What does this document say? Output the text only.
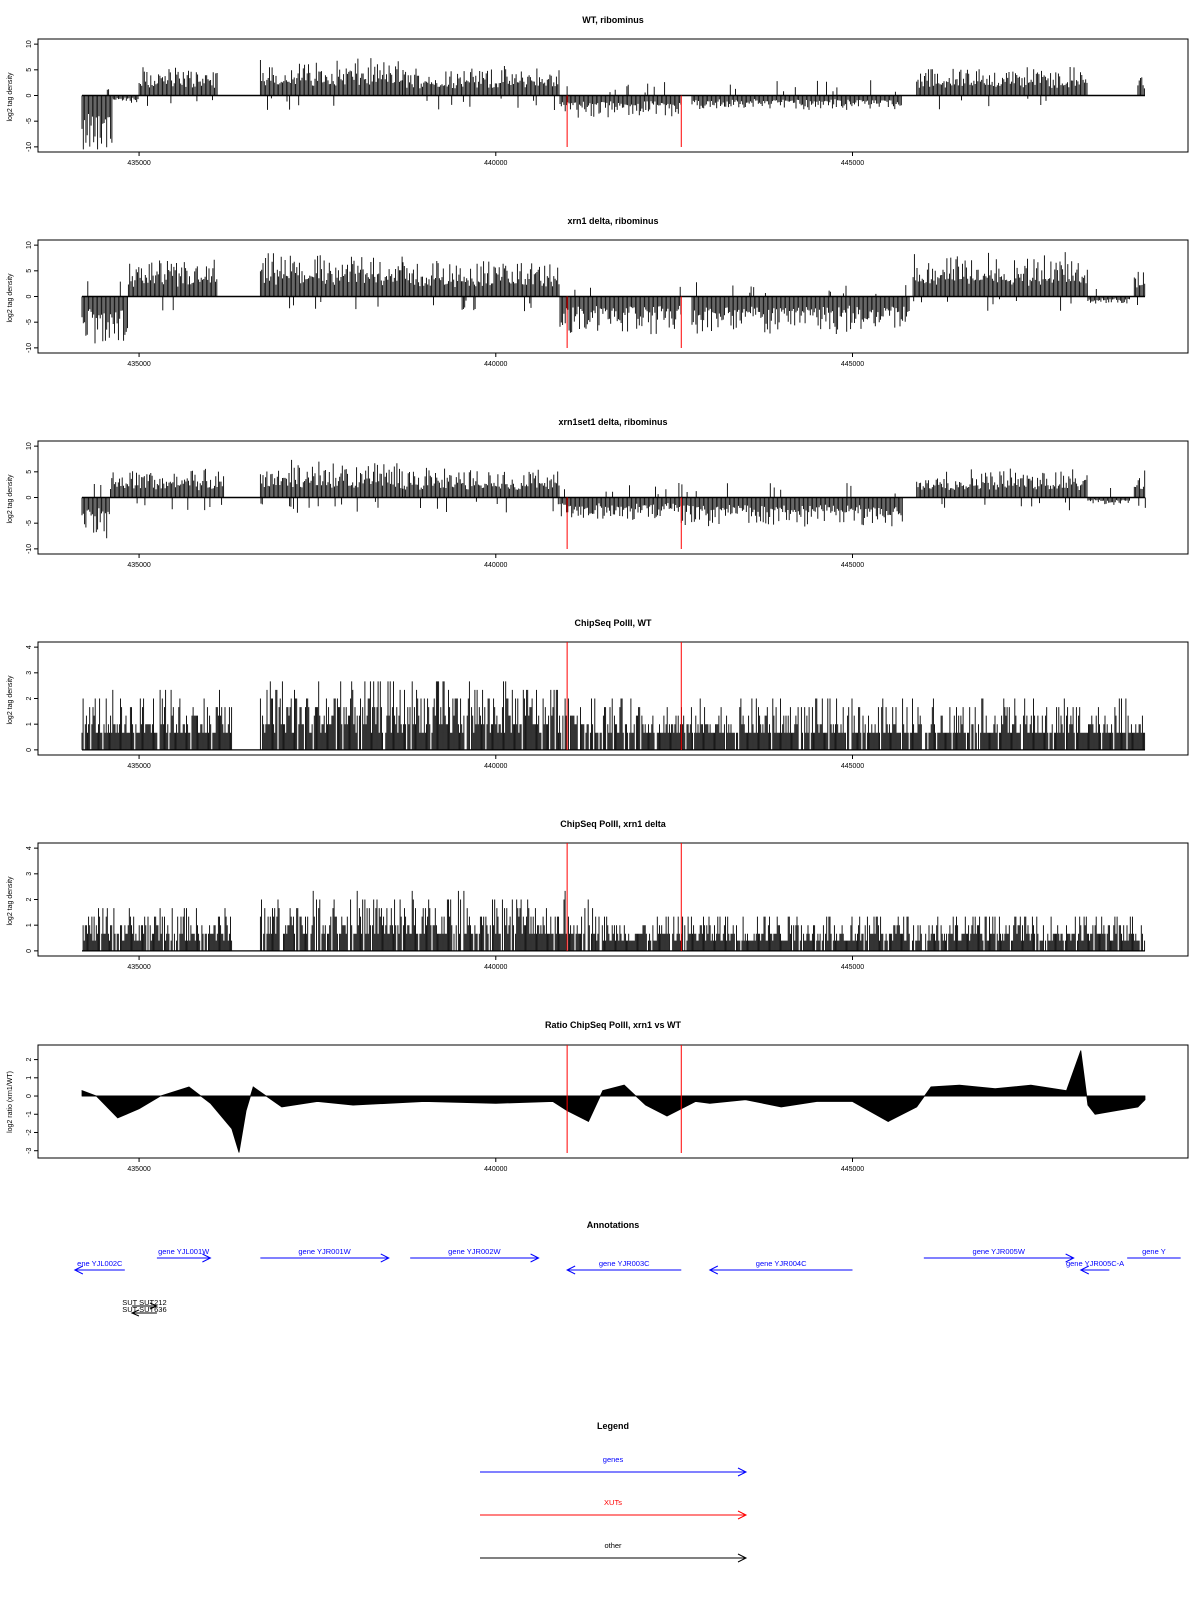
WT, ribominus
log2 tag density
-10
-5
0
5
10
435000	440000	445000
xrn1 delta, ribominus
log2 tag density
-10
-5
0
5
10
435000	440000	445000
xrn1set1 delta, ribominus
log2 tag density
-10
-5
0
5
10
435000	440000	445000
ChipSeq PolII, WT
log2 tag density
0
1
2
3
4
435000	440000	445000
ChipSeq PolII, xrn1 delta
log2 tag density
0
1
2
3
4
435000	440000	445000
Ratio ChipSeq PolII, xrn1 vs WT
log2 ratio (xrn1/WT)
-3
-2
-1
0
1
2
435000	440000	445000
Annotations
ene YJL002C
gene YJL001W	gene YJR001W	gene YJR002W
gene YJR003C	gene YJR004C
gene YJR005W
gene YJR005C-A
gene Y
SUT SUT212
SUT SUT636
Legend
genes
XUTs
other
